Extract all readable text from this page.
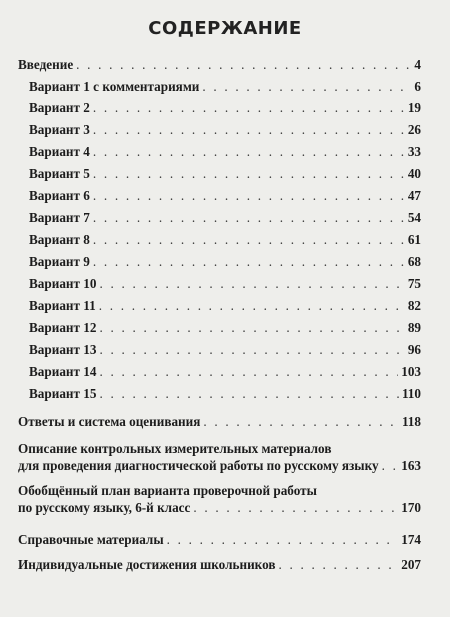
СОДЕРЖАНИЕ
Введение . . .	4
Вариант 1 с комментариями . . .	6
Вариант 2 . . .	19
Вариант 3 . . .	26
Вариант 4 . . .	33
Вариант 5 . . .	40
Вариант 6 . . .	47
Вариант 7 . . .	54
Вариант 8 . . .	61
Вариант 9 . . .	68
Вариант 10 . . .	75
Вариант 11 . . .	82
Вариант 12 . . .	89
Вариант 13 . . .	96
Вариант 14 . . .	103
Вариант 15 . . .	110
Ответы и система оценивания . . .	118
Описание контрольных измерительных материалов
для проведения диагностической работы по русскому языку . . . 163
Обобщённый план варианта проверочной работы
по русскому языку, 6-й класс . . .	170
Справочные материалы . . .	174
Индивидуальные достижения школьников . . .	207
